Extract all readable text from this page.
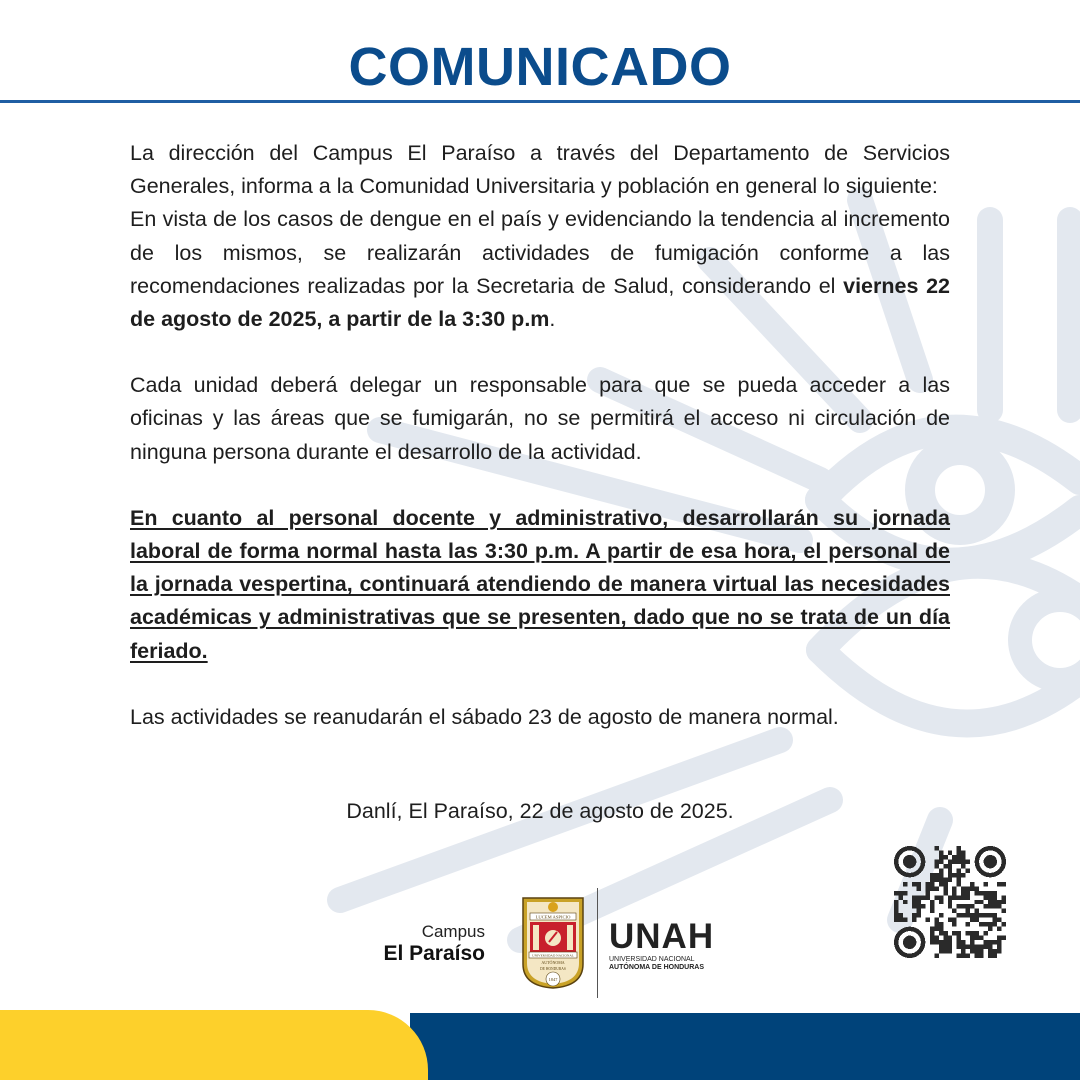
COMUNICADO

La dirección del Campus El Paraíso a través del Departamento de Servicios Generales, informa a la Comunidad Universitaria y población en general lo siguiente:

En vista de los casos de dengue en el país y evidenciando la tendencia al incremento de los mismos, se realizarán actividades de fumigación conforme a las recomendaciones realizadas por la Secretaria de Salud, considerando el viernes 22 de agosto de 2025, a partir de la 3:30 p.m.

Cada unidad deberá delegar un responsable para que se pueda acceder a las oficinas y las áreas que se fumigarán, no se permitirá el acceso ni circulación de ninguna persona durante el desarrollo de la actividad.

En cuanto al personal docente y administrativo, desarrollarán su jornada laboral de forma normal hasta las 3:30 p.m. A partir de esa hora, el personal de la jornada vespertina, continuará atendiendo de manera virtual las necesidades académicas y administrativas que se presenten, dado que no se trata de un día feriado.

Las actividades se reanudarán el sábado 23 de agosto de manera normal.

Danlí, El Paraíso, 22 de agosto de 2025.
Campus
El Paraíso
LUCEM ASPICIO
UNIVERSIDAD NACIONAL
AUTÓNOMA
DE HONDURAS
1847
UNAH
UNIVERSIDAD NACIONAL
AUTÓNOMA DE HONDURAS
